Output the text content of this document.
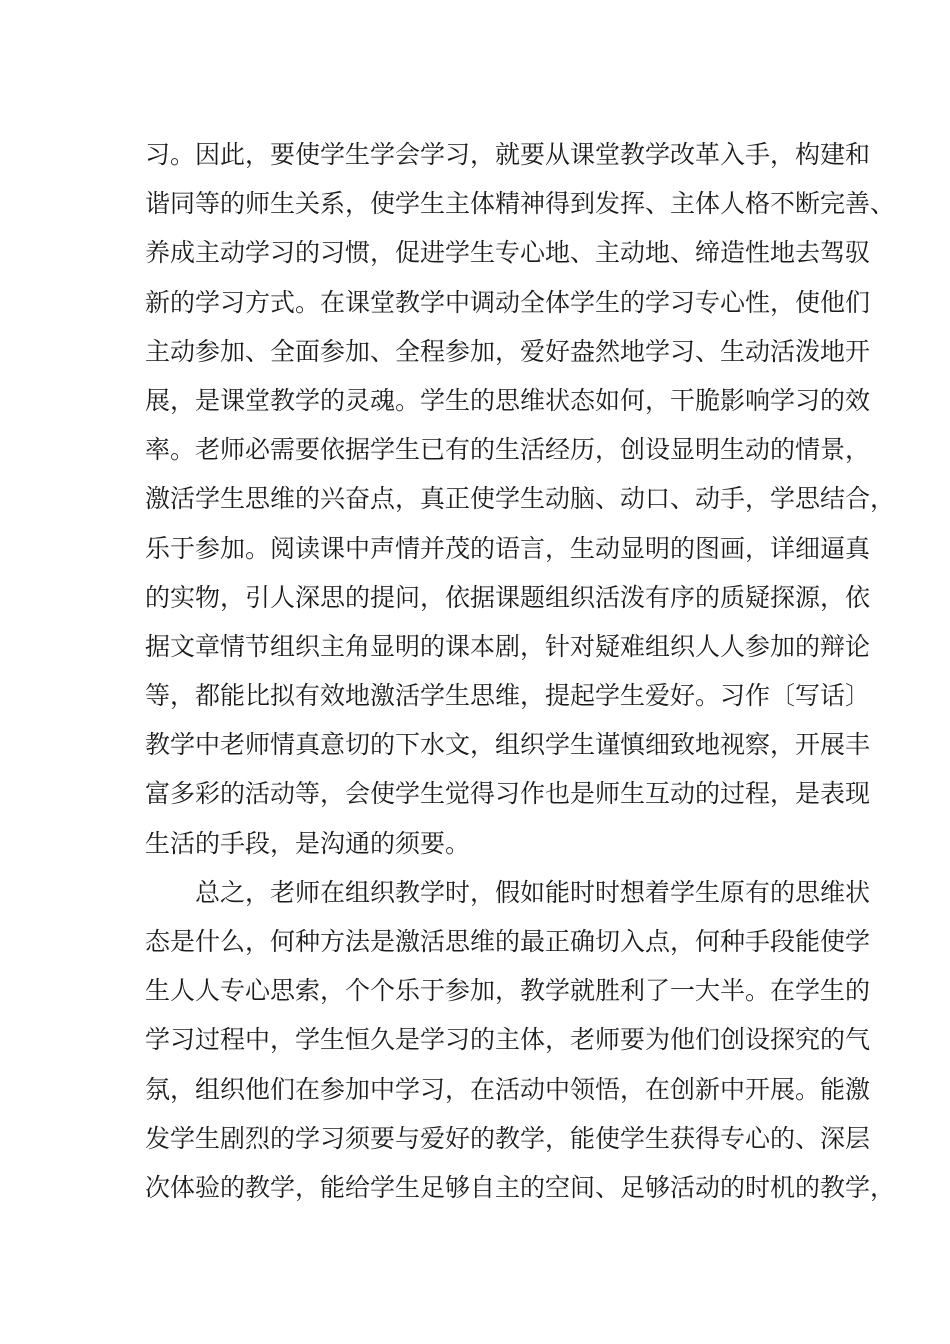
习。因此，要使学生学会学习，就要从课堂教学改革入手，构建和
谐同等的师生关系，使学生主体精神得到发挥、主体人格不断完善、
养成主动学习的习惯，促进学生专心地、主动地、缔造性地去驾驭
新的学习方式。在课堂教学中调动全体学生的学习专心性，使他们
主动参加、全面参加、全程参加，爱好盎然地学习、生动活泼地开
展，是课堂教学的灵魂。学生的思维状态如何，干脆影响学习的效
率。老师必需要依据学生已有的生活经历，创设显明生动的情景，
激活学生思维的兴奋点，真正使学生动脑、动口、动手，学思结合，
乐于参加。阅读课中声情并茂的语言，生动显明的图画，详细逼真
的实物，引人深思的提问，依据课题组织活泼有序的质疑探源，依
据文章情节组织主角显明的课本剧，针对疑难组织人人参加的辩论
等，都能比拟有效地激活学生思维，提起学生爱好。习作〔写话〕
教学中老师情真意切的下水文，组织学生谨慎细致地视察，开展丰
富多彩的活动等，会使学生觉得习作也是师生互动的过程，是表现
生活的手段，是沟通的须要。
总之，老师在组织教学时，假如能时时想着学生原有的思维状
态是什么，何种方法是激活思维的最正确切入点，何种手段能使学
生人人专心思索，个个乐于参加，教学就胜利了一大半。在学生的
学习过程中，学生恒久是学习的主体，老师要为他们创设探究的气
氛，组织他们在参加中学习，在活动中领悟，在创新中开展。能激
发学生剧烈的学习须要与爱好的教学，能使学生获得专心的、深层
次体验的教学，能给学生足够自主的空间、足够活动的时机的教学，
